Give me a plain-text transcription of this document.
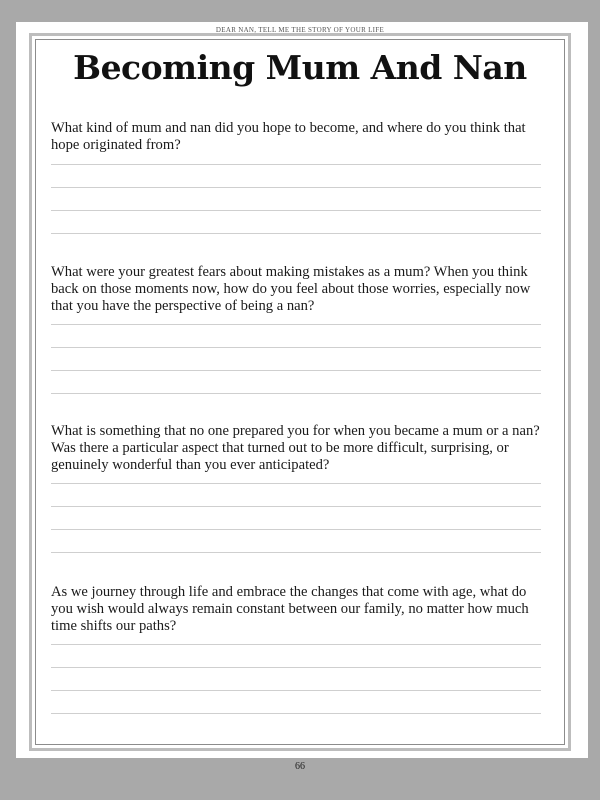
DEAR NAN, TELL ME THE STORY OF YOUR LIFE
Becoming Mum And Nan
What kind of mum and nan did you hope to become, and where do you think that hope originated from?
What were your greatest fears about making mistakes as a mum? When you think back on those moments now, how do you feel about those worries, especially now that you have the perspective of being a nan?
What is something that no one prepared you for when you became a mum or a nan? Was there a particular aspect that turned out to be more difficult, surprising, or genuinely wonderful than you ever anticipated?
As we journey through life and embrace the changes that come with age, what do you wish would always remain constant between our family, no matter how much time shifts our paths?
66
